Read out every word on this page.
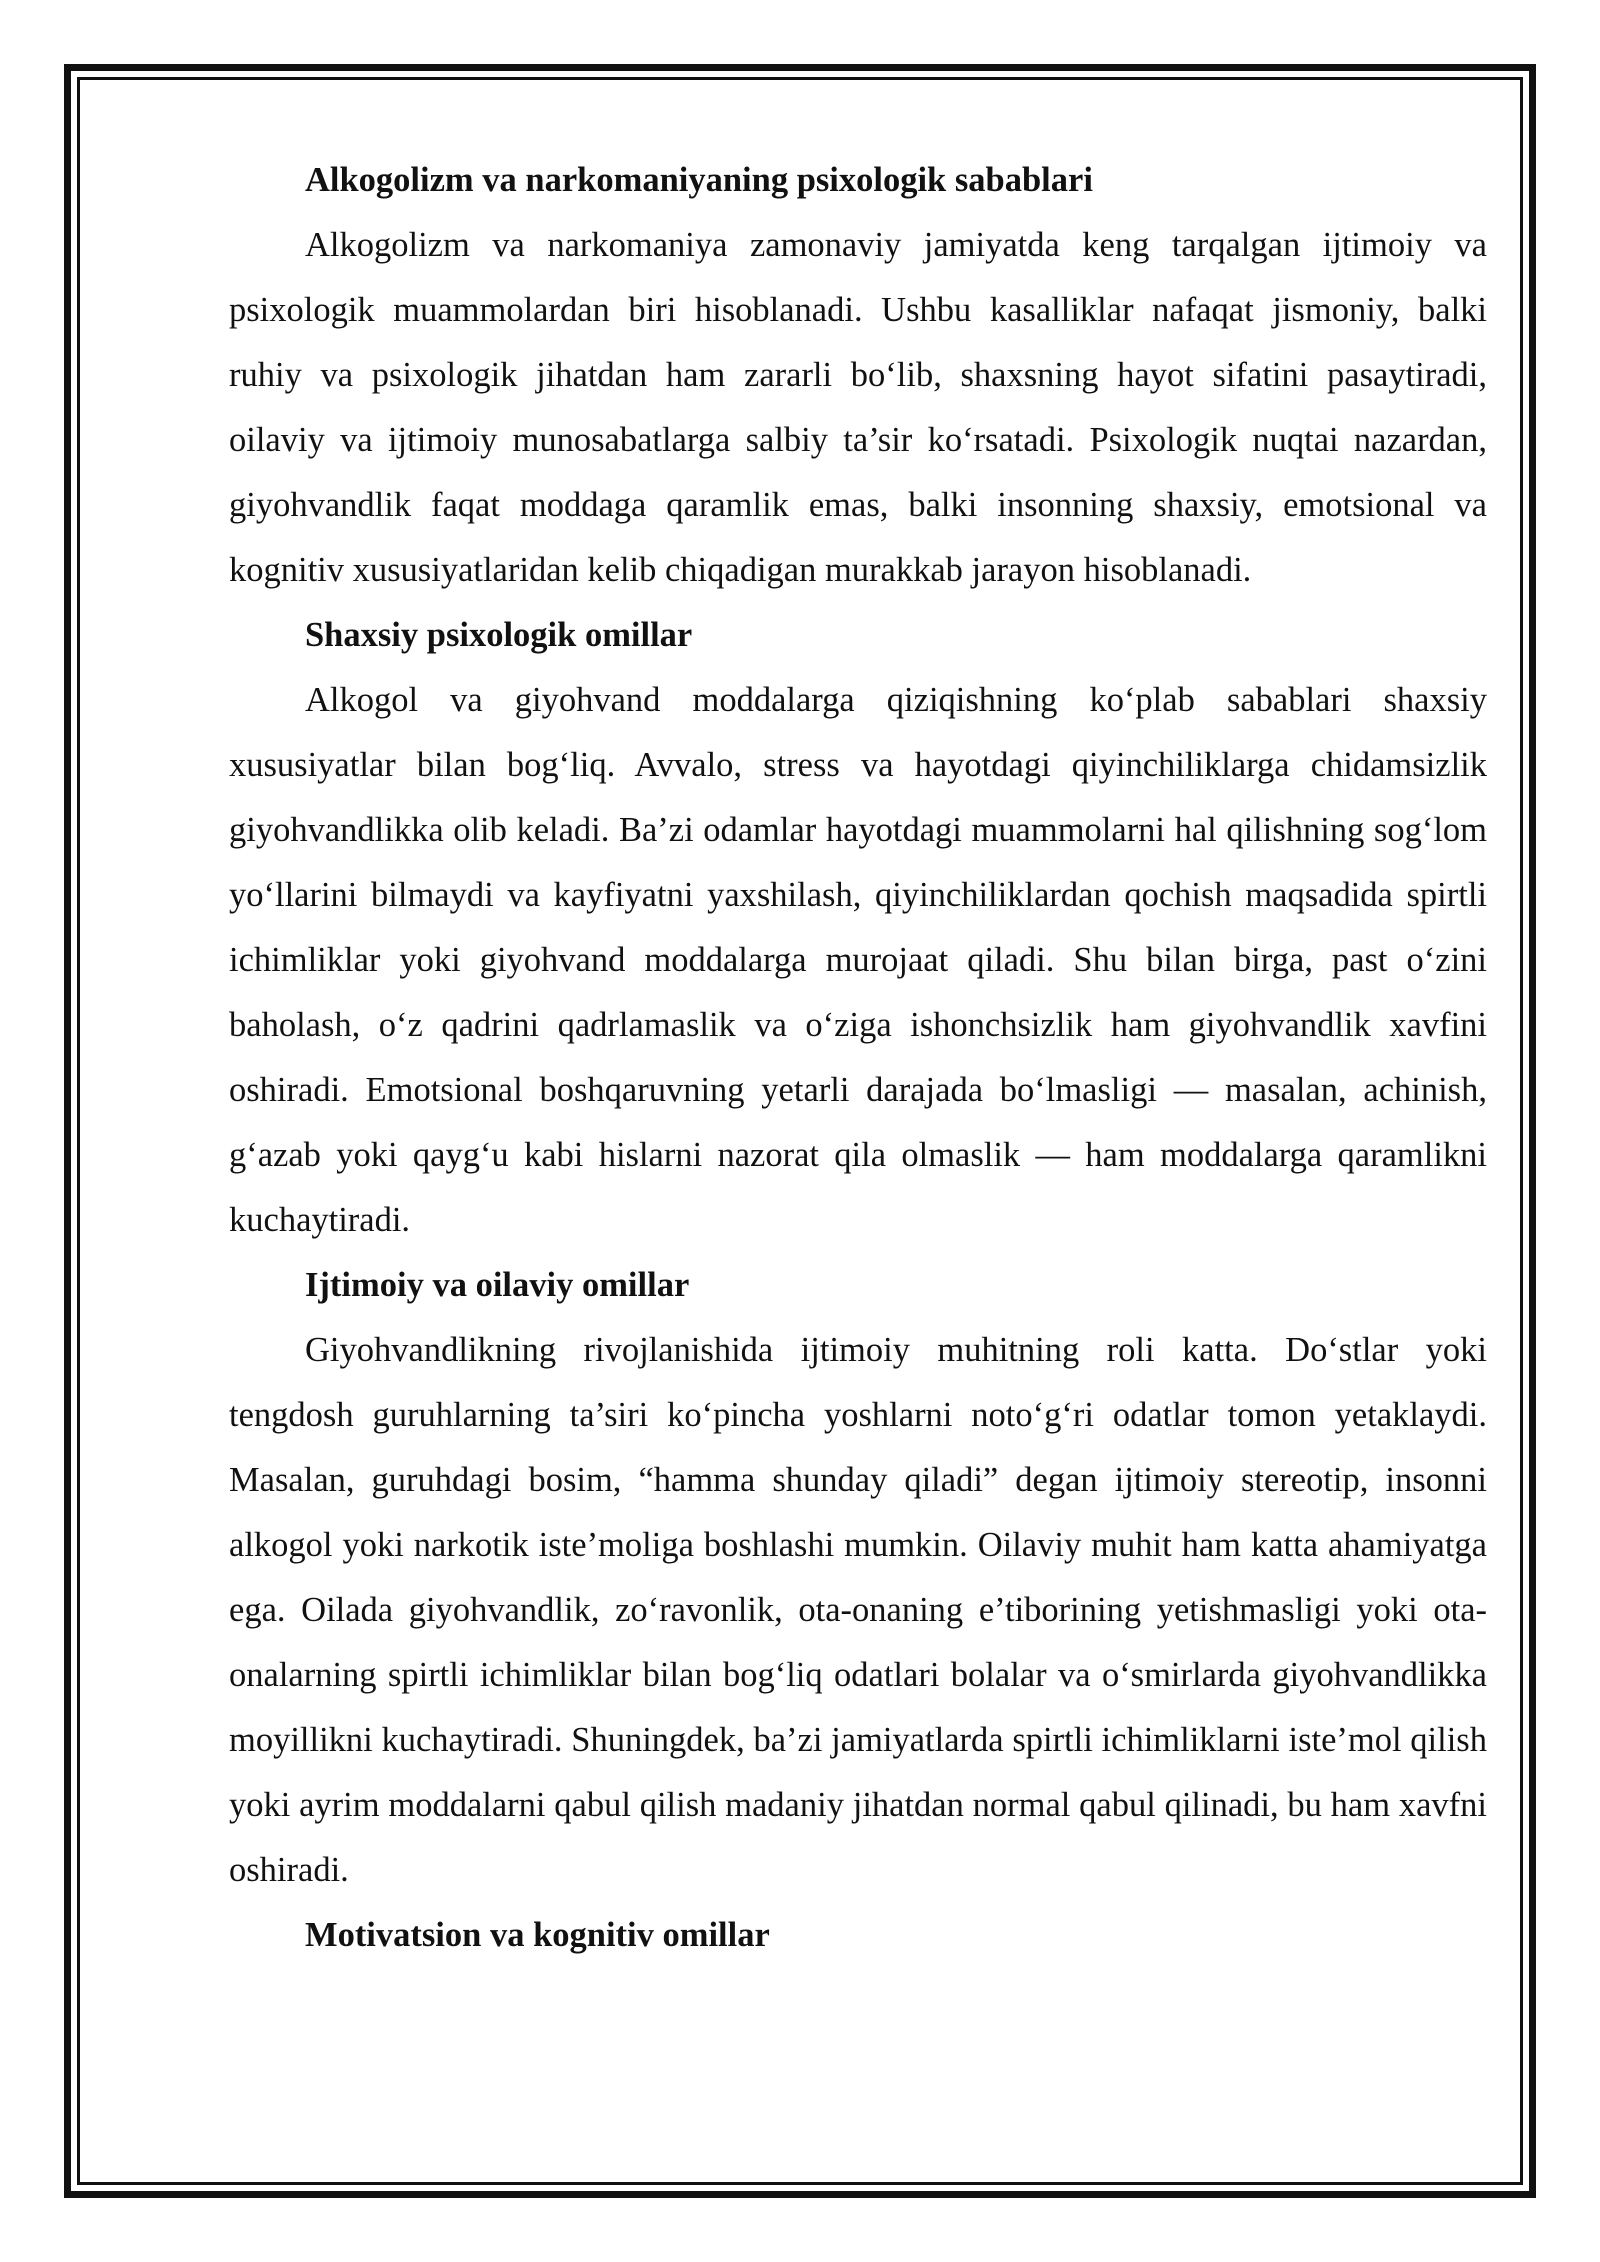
Alkogolizm va narkomaniyaning psixologik sabablari

Alkogolizm va narkomaniya zamonaviy jamiyatda keng tarqalgan ijtimoiy va psixologik muammolardan biri hisoblanadi. Ushbu kasalliklar nafaqat jismoniy, balki ruhiy va psixologik jihatdan ham zararli bo‘lib, shaxsning hayot sifatini pasaytiradi, oilaviy va ijtimoiy munosabatlarga salbiy ta’sir ko‘rsatadi. Psixologik nuqtai nazardan, giyohvandlik faqat moddaga qaramlik emas, balki insonning shaxsiy, emotsional va kognitiv xususiyatlaridan kelib chiqadigan murakkab jarayon hisoblanadi.

Shaxsiy psixologik omillar

Alkogol va giyohvand moddalarga qiziqishning ko‘plab sabablari shaxsiy xususiyatlar bilan bog‘liq. Avvalo, stress va hayotdagi qiyinchiliklarga chidamsizlik giyohvandlikka olib keladi. Ba’zi odamlar hayotdagi muammolarni hal qilishning sog‘lom yo‘llarini bilmaydi va kayfiyatni yaxshilash, qiyinchiliklardan qochish maqsadida spirtli ichimliklar yoki giyohvand moddalarga murojaat qiladi. Shu bilan birga, past o‘zini baholash, o‘z qadrini qadrlamaslik va o‘ziga ishonchsizlik ham giyohvandlik xavfini oshiradi. Emotsional boshqaruvning yetarli darajada bo‘lmasligi — masalan, achinish, g‘azab yoki qayg‘u kabi hislarni nazorat qila olmaslik — ham moddalarga qaramlikni kuchaytiradi.

Ijtimoiy va oilaviy omillar

Giyohvandlikning rivojlanishida ijtimoiy muhitning roli katta. Do‘stlar yoki tengdosh guruhlarning ta’siri ko‘pincha yoshlarni noto‘g‘ri odatlar tomon yetaklaydi. Masalan, guruhdagi bosim, “hamma shunday qiladi” degan ijtimoiy stereotip, insonni alkogol yoki narkotik iste’moliga boshlashi mumkin. Oilaviy muhit ham katta ahamiyatga ega. Oilada giyohvandlik, zo‘ravonlik, ota-onaning e’tiborining yetishmasligi yoki ota-onalarning spirtli ichimliklar bilan bog‘liq odatlari bolalar va o‘smirlarda giyohvandlikka moyillikni kuchaytiradi. Shuningdek, ba’zi jamiyatlarda spirtli ichimliklarni iste’mol qilish yoki ayrim moddalarni qabul qilish madaniy jihatdan normal qabul qilinadi, bu ham xavfni oshiradi.

Motivatsion va kognitiv omillar
